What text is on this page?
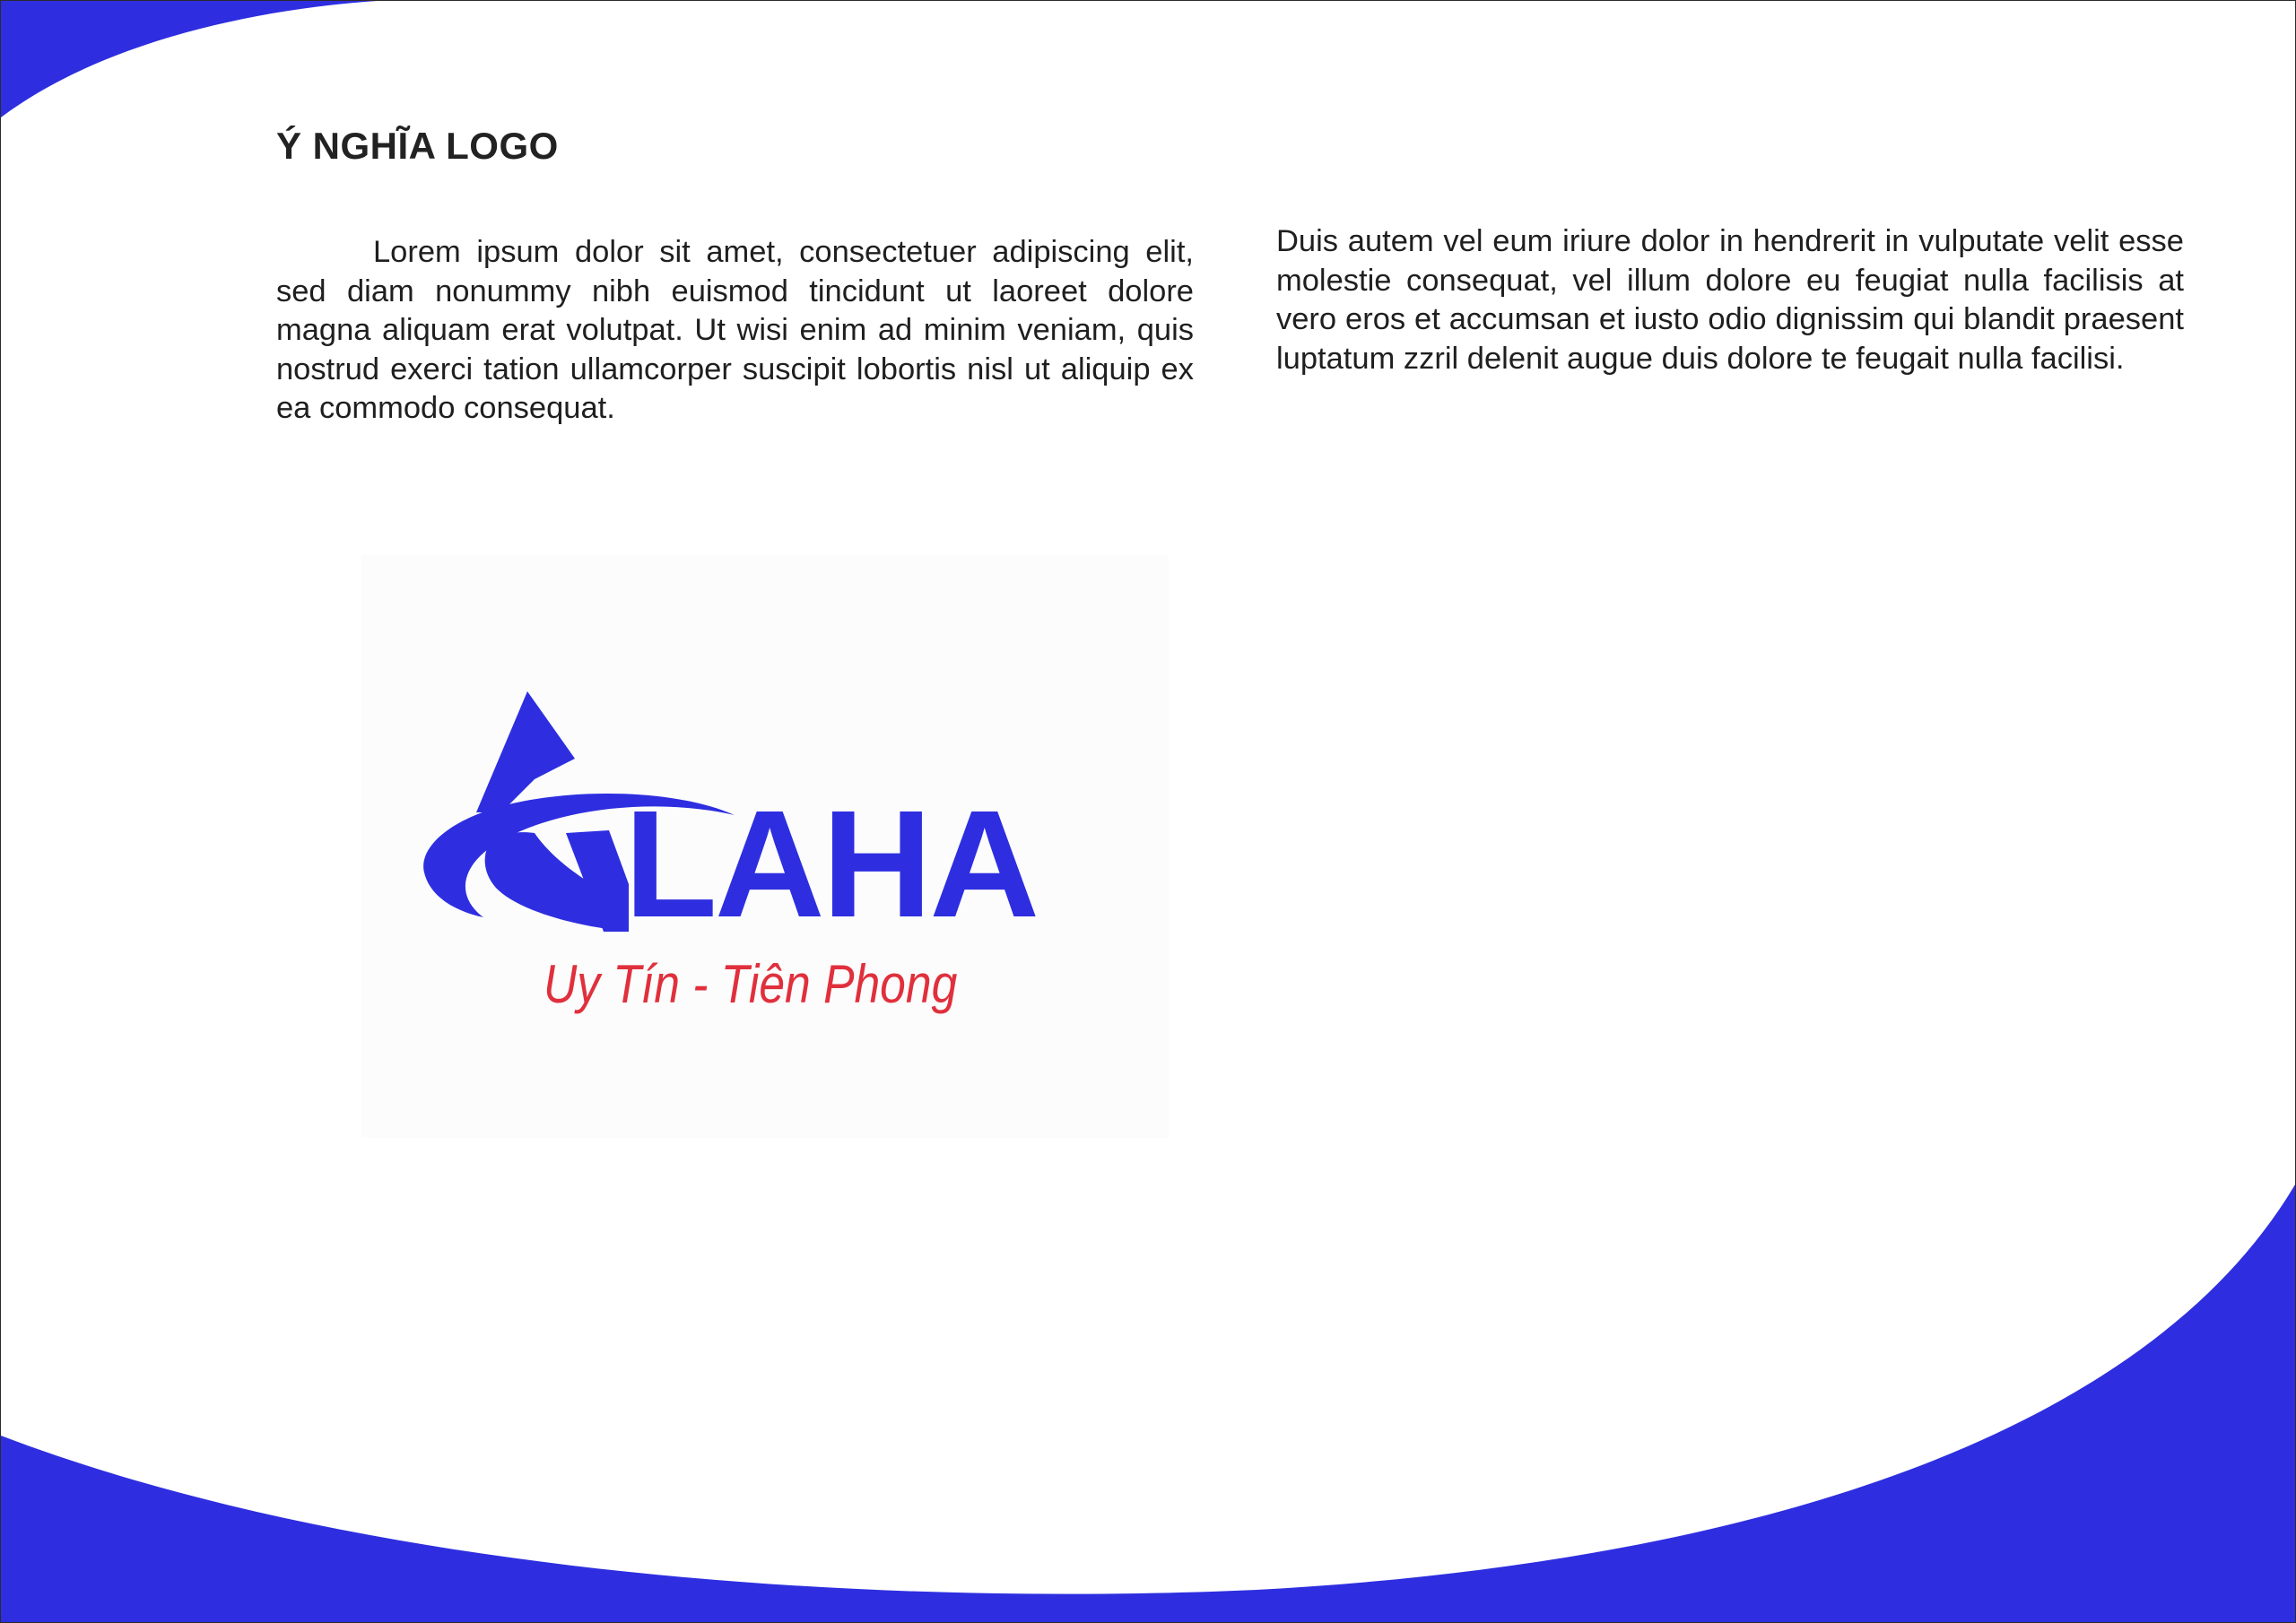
Ý NGHĨA LOGO

Lorem ipsum dolor sit amet, consectetuer adipiscing elit, sed diam nonummy nibh euismod tincidunt ut laoreet dolore magna aliquam erat volutpat. Ut wisi enim ad minim veniam, quis nostrud exerci tation ullamcorper suscipit lobortis nisl ut aliquip ex ea commodo consequat.

Duis autem vel eum iriure dolor in hendrerit in vulputate velit esse molestie consequat, vel illum dolore eu feugiat nulla facilisis at vero eros et accumsan et iusto odio dignissim qui blandit praesent luptatum zzril delenit augue duis dolore te feugait nulla facilisi.

LAHA
Uy Tín - Tiên Phong
